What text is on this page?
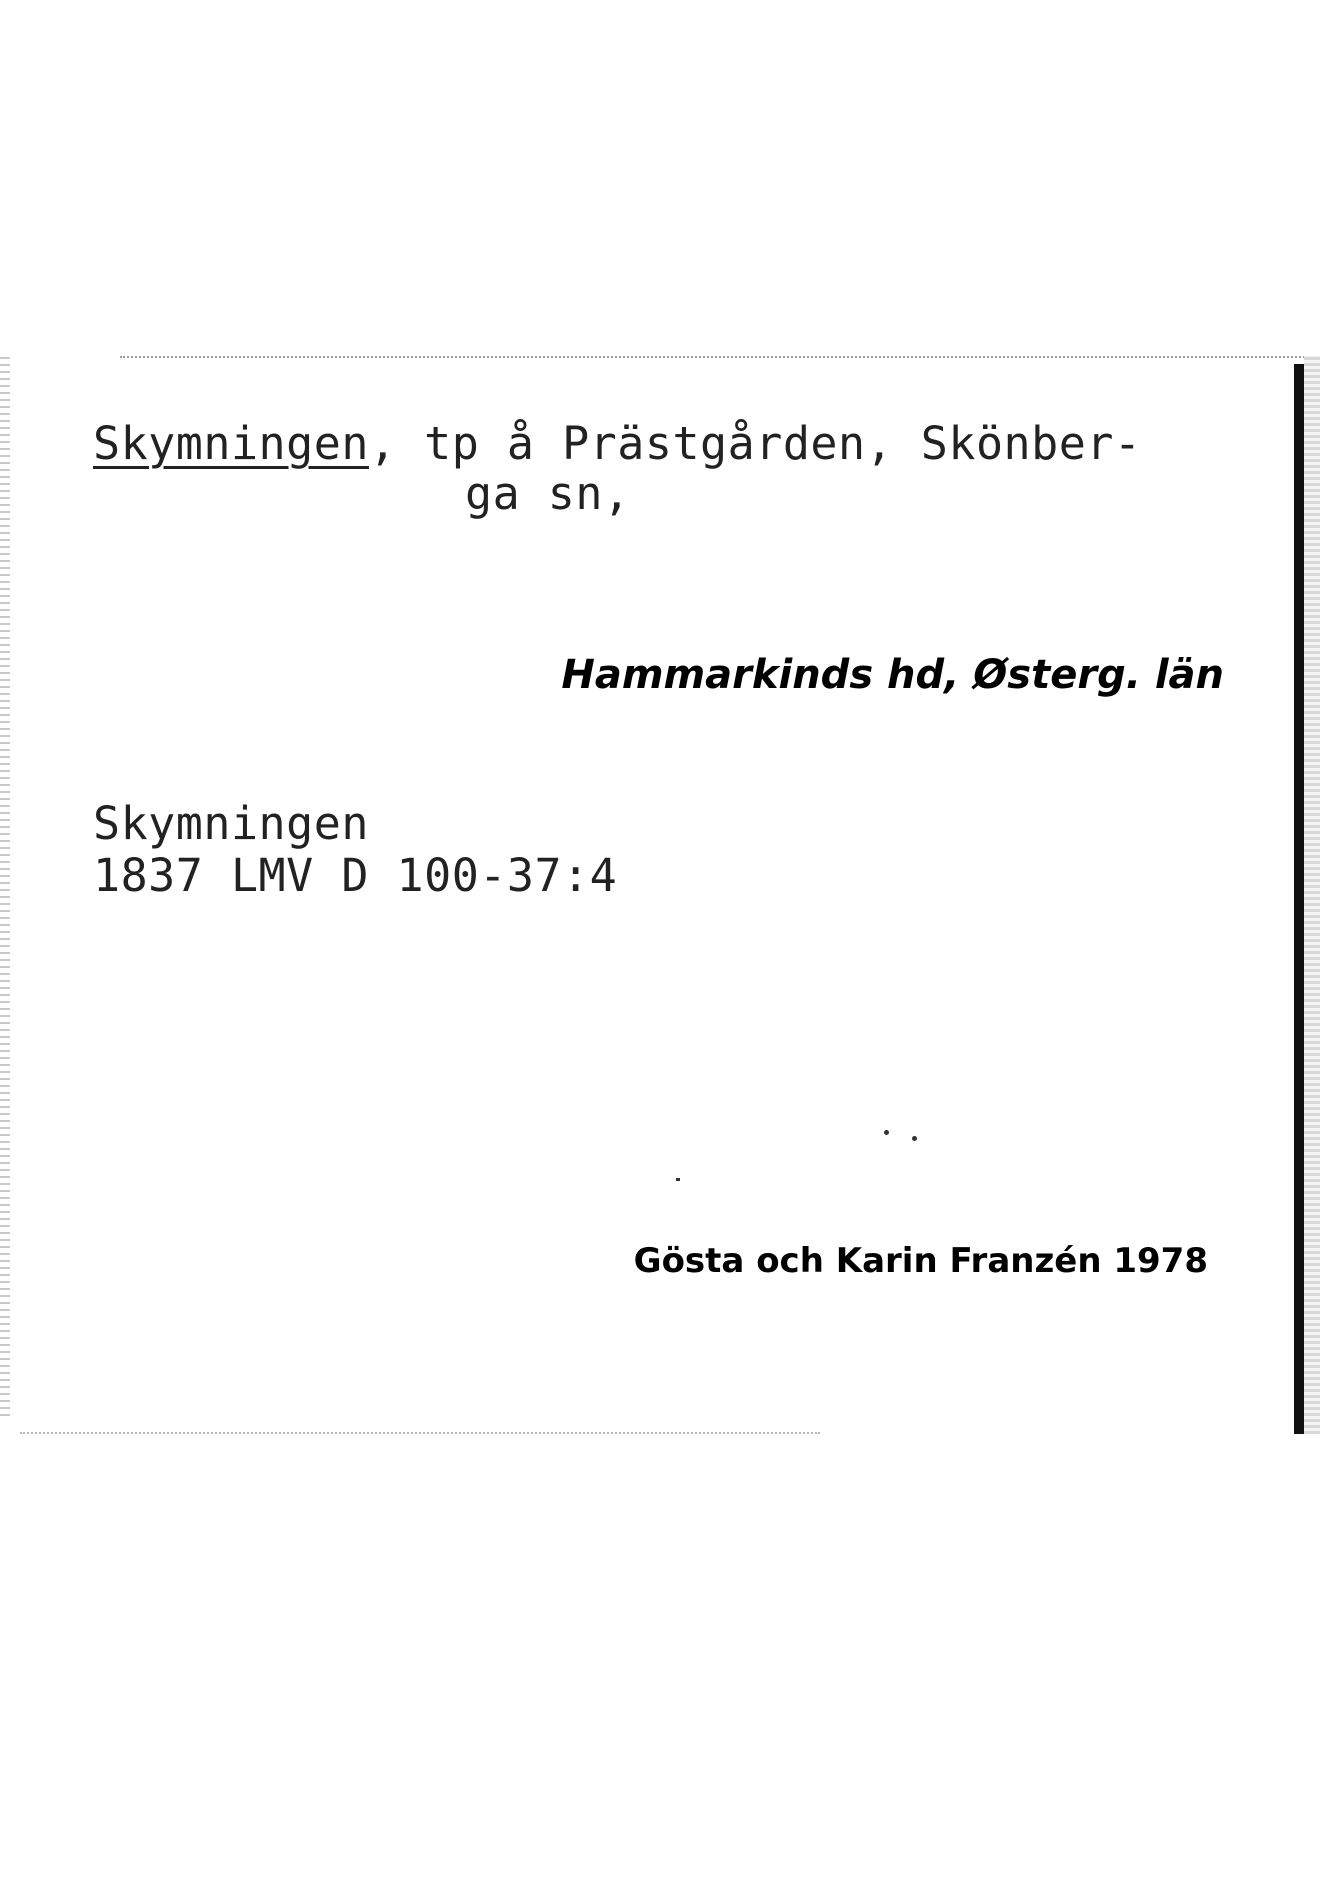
Skymningen, tp å Prästgården, Skönber-
ga sn,
Hammarkinds hd, Østerg. län
Skymningen
1837 LMV D 100-37:4
Gösta och Karin Franzén 1978
